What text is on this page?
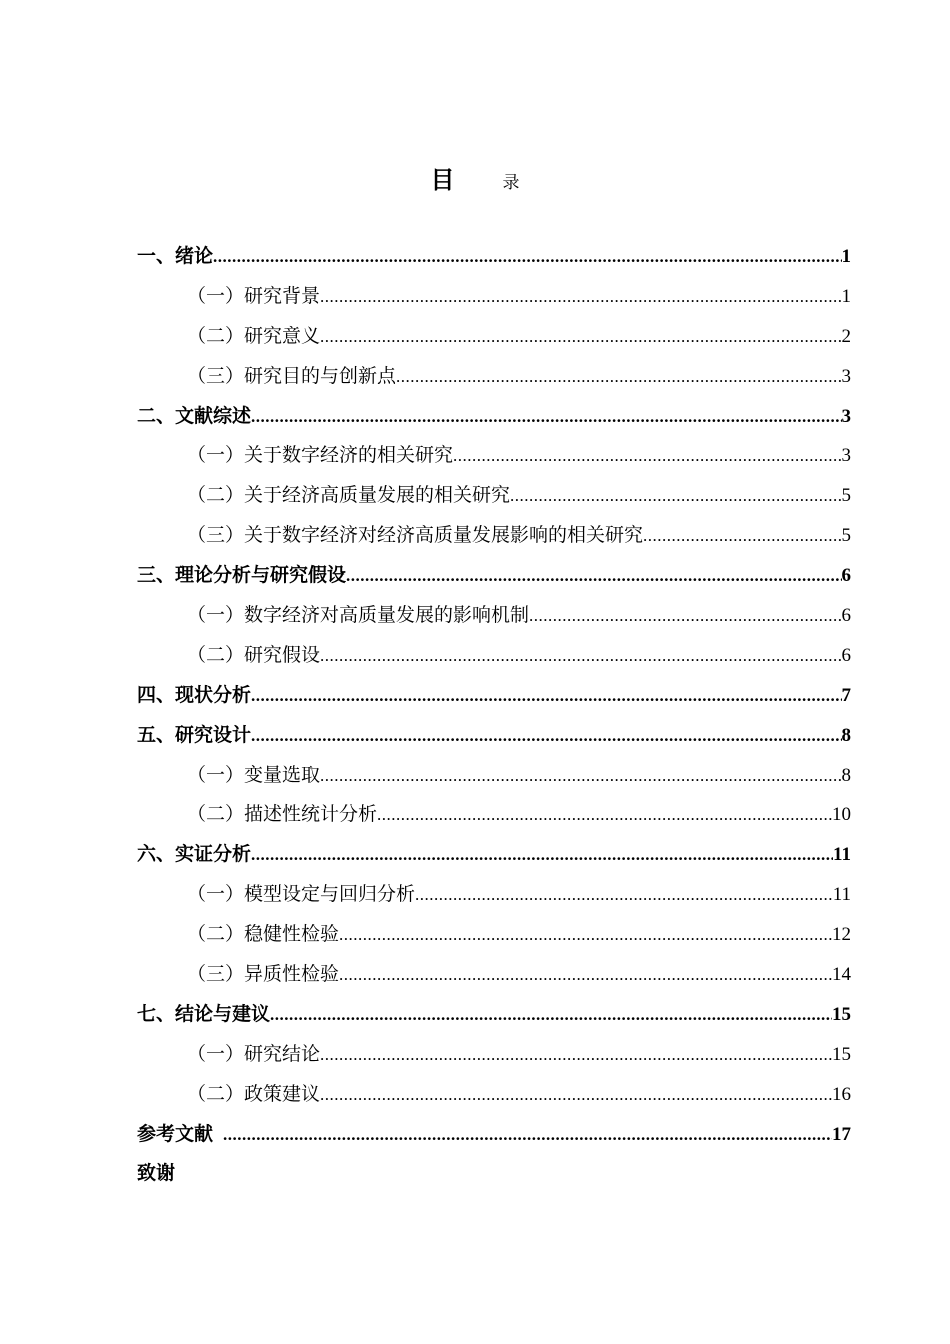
目	录
一、绪论 .....	1
（一）研究背景 .....	1
（二）研究意义 .....	2
（三）研究目的与创新点 .....	3
二、文献综述 .....	3
（一）关于数字经济的相关研究 .....	3
（二）关于经济高质量发展的相关研究 .....	5
（三）关于数字经济对经济高质量发展影响的相关研究 .....	5
三、理论分析与研究假设 .....	6
（一）数字经济对高质量发展的影响机制 .....	6
（二）研究假设 .....	6
四、现状分析 .....	7
五、研究设计 .....	8
（一）变量选取 .....	8
（二）描述性统计分析 .....	10
六、实证分析 .....	11
（一）模型设定与回归分析 .....	11
（二）稳健性检验 .....	12
（三）异质性检验 .....	14
七、结论与建议 .....	15
（一）研究结论 .....	15
（二）政策建议 .....	16
参考文献 .....	17
致谢
